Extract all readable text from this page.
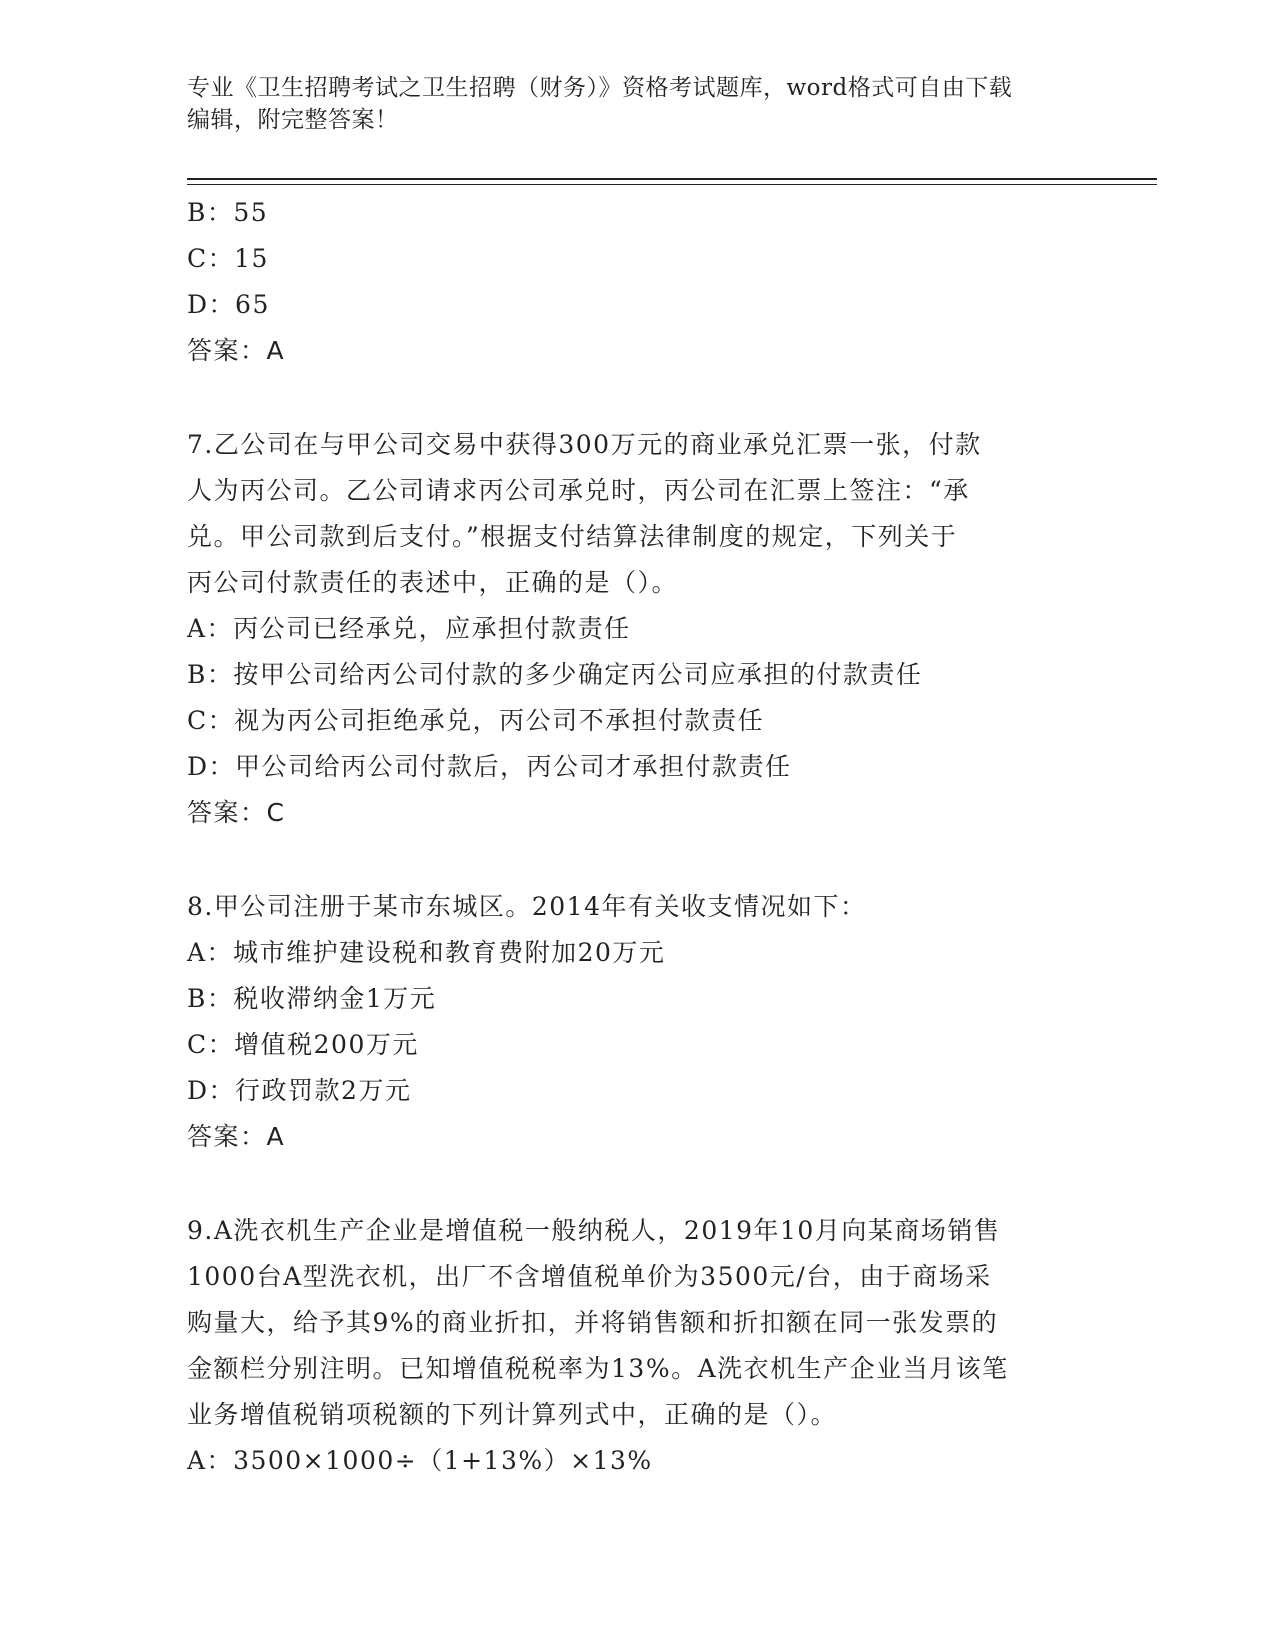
专业《卫生招聘考试之卫生招聘（财务）》资格考试题库，word格式可自由下载
编辑，附完整答案！
B：55
C：15
D：65
答案：A
7.乙公司在与甲公司交易中获得300万元的商业承兑汇票一张，付款
人为丙公司。乙公司请求丙公司承兑时，丙公司在汇票上签注：“承
兑。甲公司款到后支付。”根据支付结算法律制度的规定，下列关于
丙公司付款责任的表述中，正确的是（）。
A：丙公司已经承兑，应承担付款责任
B：按甲公司给丙公司付款的多少确定丙公司应承担的付款责任
C：视为丙公司拒绝承兑，丙公司不承担付款责任
D：甲公司给丙公司付款后，丙公司才承担付款责任
答案：C
8.甲公司注册于某市东城区。2014年有关收支情况如下：
A：城市维护建设税和教育费附加20万元
B：税收滞纳金1万元
C：增值税200万元
D：行政罚款2万元
答案：A
9.A洗衣机生产企业是增值税一般纳税人，2019年10月向某商场销售
1000台A型洗衣机，出厂不含增值税单价为3500元/台，由于商场采
购量大，给予其9%的商业折扣，并将销售额和折扣额在同一张发票的
金额栏分别注明。已知增值税税率为13%。A洗衣机生产企业当月该笔
业务增值税销项税额的下列计算列式中，正确的是（）。
A：3500×1000÷（1+13%）×13%
